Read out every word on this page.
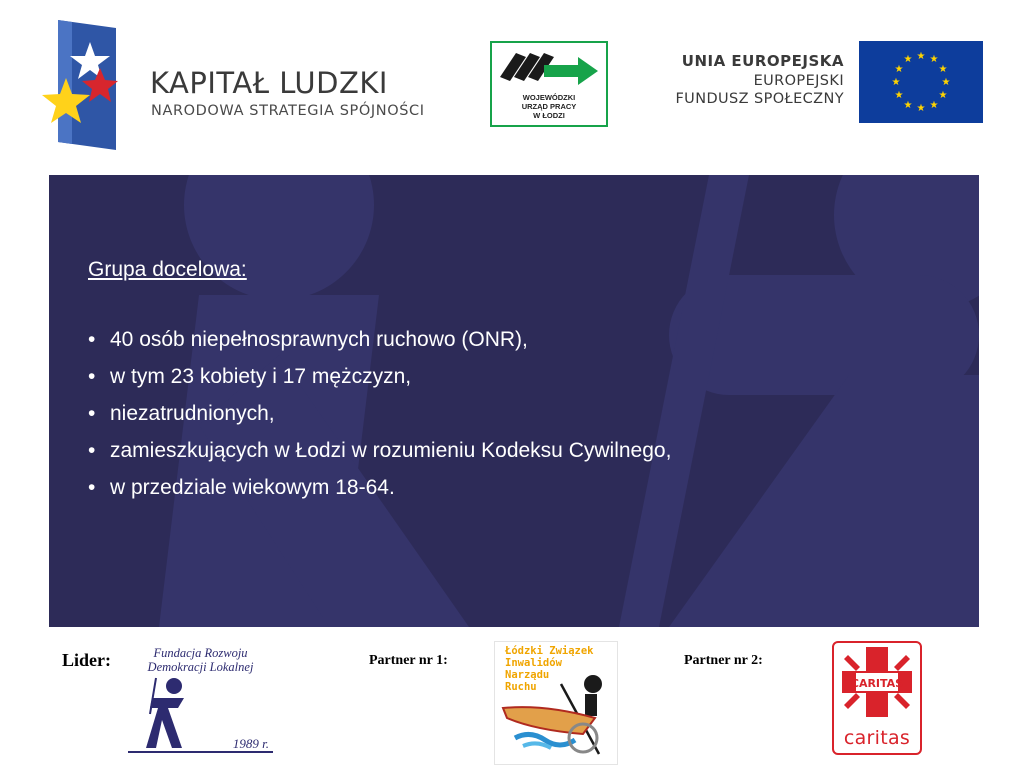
KAPITAŁ LUDZKI
NARODOWA STRATEGIA SPÓJNOŚCI
WOJEWÓDZKI
URZĄD PRACY
W ŁODZI
UNIA EUROPEJSKA
EUROPEJSKI
FUNDUSZ SPOŁECZNY
★ ★
★
★
★
★
★
★
★
★
★
★
Grupa docelowa:
• 40 osób niepełnosprawnych ruchowo (ONR),
• w tym 23 kobiety i 17 mężczyzn,
• niezatrudnionych,
• zamieszkujących w Łodzi w rozumieniu Kodeksu Cywilnego,
• w przedziale wiekowym 18-64.
Lider:	Fundacja Rozwoju
Demokracji Lokalnej
1989 r.
Partner nr 1:
Łódzki Związek
Inwalidów
Narządu
Ruchu
Partner nr 2:
CARITAS
caritas
